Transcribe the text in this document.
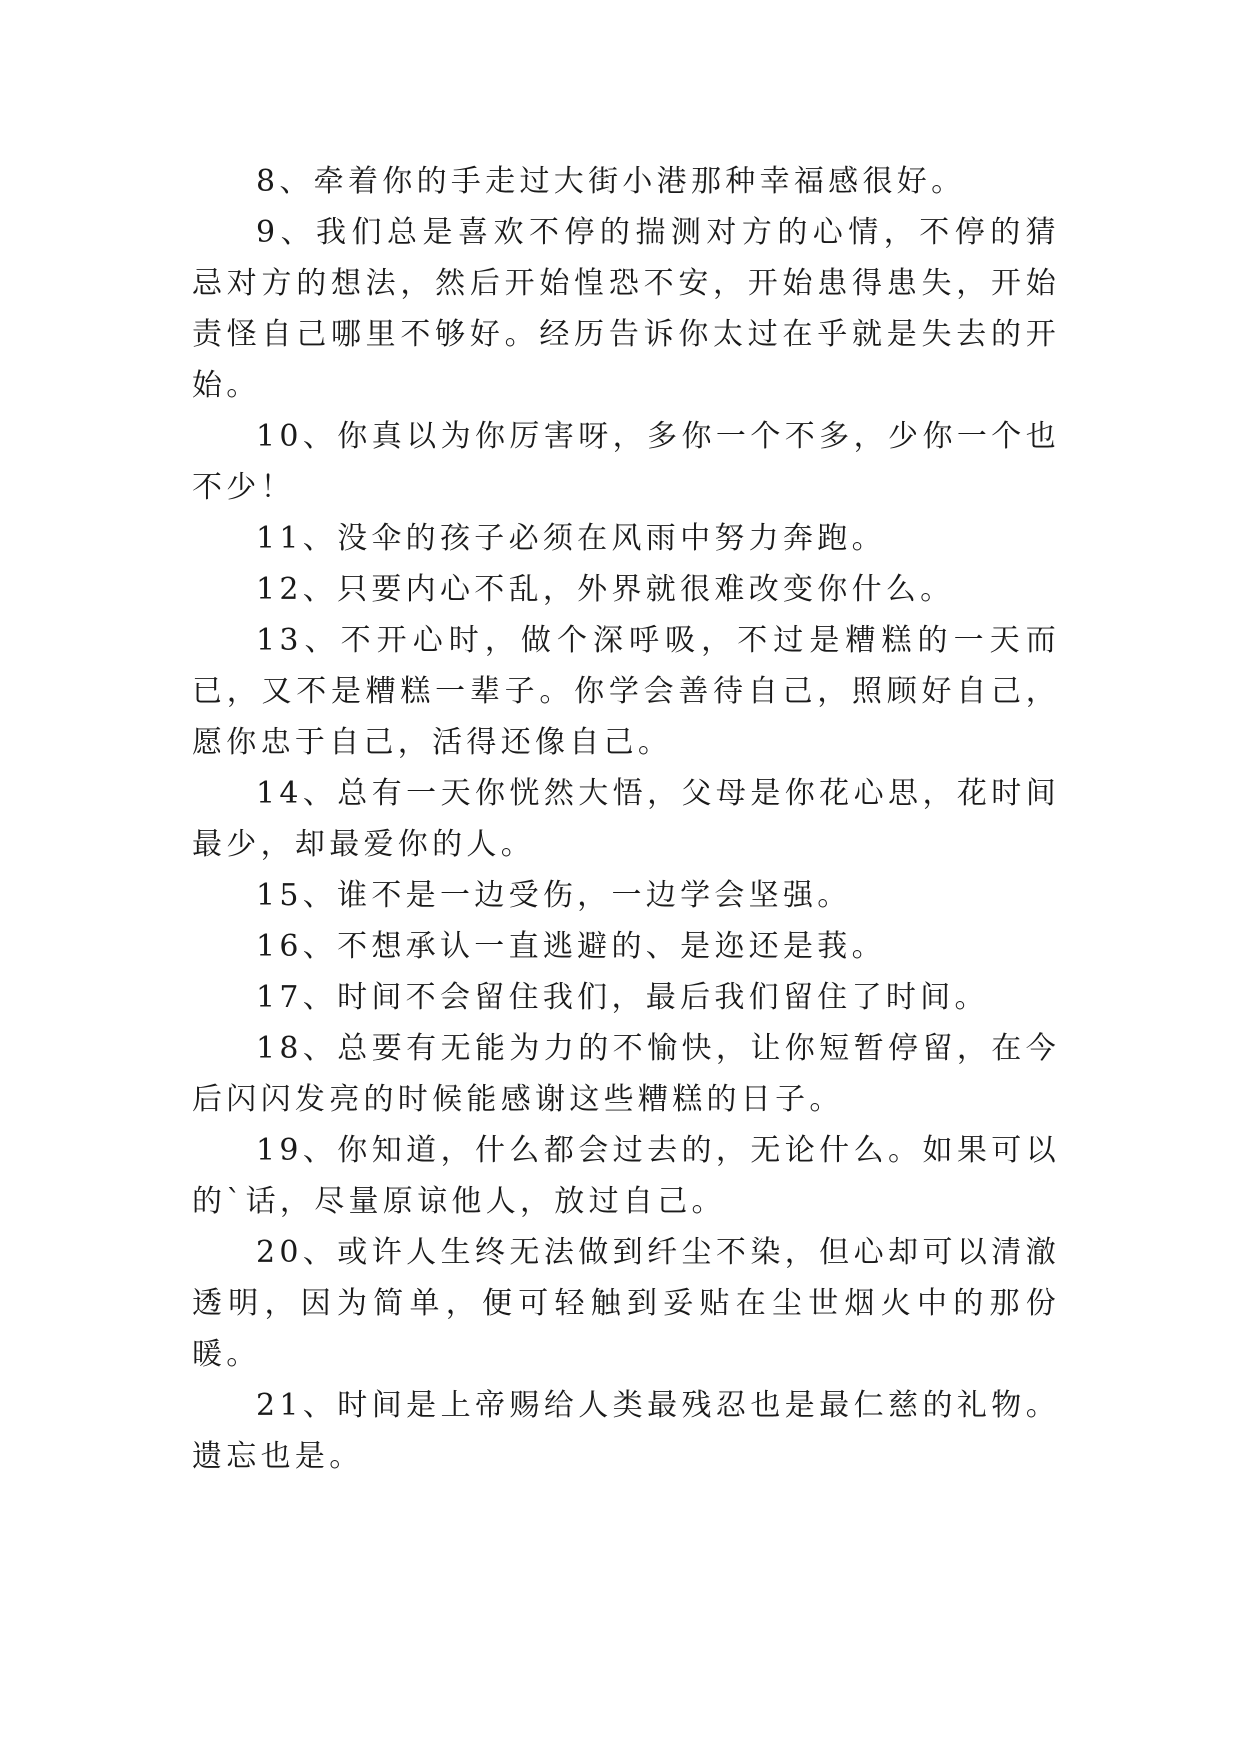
8、牵着你的手走过大街小港那种幸福感很好。

9、我们总是喜欢不停的揣测对方的心情，不停的猜忌对方的想法，然后开始惶恐不安，开始患得患失，开始责怪自己哪里不够好。经历告诉你太过在乎就是失去的开始。

10、你真以为你厉害呀，多你一个不多，少你一个也不少！

11、没伞的孩子必须在风雨中努力奔跑。

12、只要内心不乱，外界就很难改变你什么。

13、不开心时，做个深呼吸，不过是糟糕的一天而已，又不是糟糕一辈子。你学会善待自己，照顾好自己，愿你忠于自己，活得还像自己。

14、总有一天你恍然大悟，父母是你花心思，花时间最少，却最爱你的人。

15、谁不是一边受伤，一边学会坚强。

16、不想承认一直逃避的、是迩还是莪。

17、时间不会留住我们，最后我们留住了时间。

18、总要有无能为力的不愉快，让你短暂停留，在今后闪闪发亮的时候能感谢这些糟糕的日子。

19、你知道，什么都会过去的，无论什么。如果可以的`话，尽量原谅他人，放过自己。

20、或许人生终无法做到纤尘不染，但心却可以清澈透明，因为简单，便可轻触到妥贴在尘世烟火中的那份暖。

21、时间是上帝赐给人类最残忍也是最仁慈的礼物。遗忘也是。
